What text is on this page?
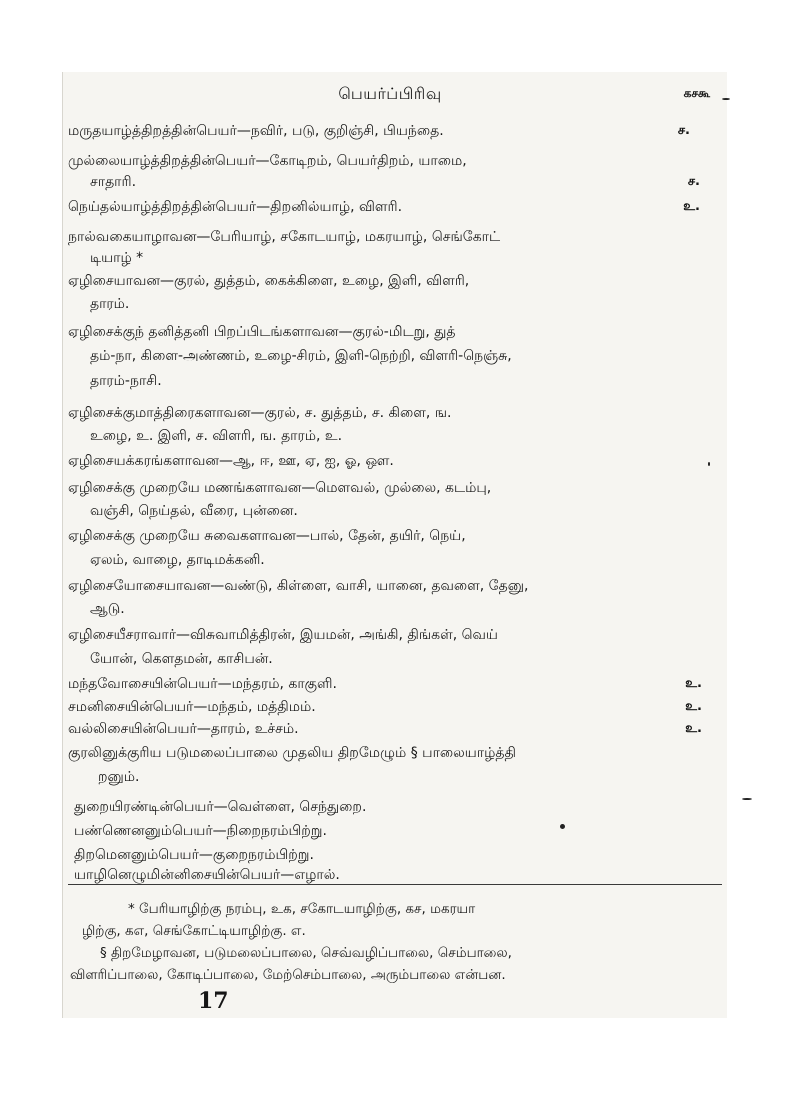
பெயர்ப்பிரிவு	கசகூ
மருதயாழ்த்திறத்தின்பெயர்—நவிர், படு, குறிஞ்சி, பியந்தை.	ச.
முல்லையாழ்த்திறத்தின்பெயர்—கோடிறம், பெயர்திறம், யாமை,
சாதாரி.	ச.
நெய்தல்யாழ்த்திறத்தின்பெயர்—திறனில்யாழ், விளரி.	உ.
நால்வகையாழாவன—பேரியாழ், சகோடயாழ், மகரயாழ், செங்கோட்
டியாழ் *
ஏழிசையாவன—குரல், துத்தம், கைக்கிளை, உழை, இளி, விளரி,
தாரம்.
ஏழிசைக்குந் தனித்தனி பிறப்பிடங்களாவன—குரல்-மிடறு, துத்
தம்-நா, கிளை-அண்ணம், உழை-சிரம், இளி-நெற்றி, விளரி-நெஞ்சு,
தாரம்-நாசி.
ஏழிசைக்குமாத்திரைகளாவன—குரல், ச. துத்தம், ச. கிளை, ங.
உழை, உ. இளி, ச. விளரி, ங. தாரம், உ.
ஏழிசையக்கரங்களாவன—ஆ, ஈ, ஊ, ஏ, ஐ, ஓ, ஔ.
ஏழிசைக்கு முறையே மணங்களாவன—மௌவல், முல்லை, கடம்பு,
வஞ்சி, நெய்தல், வீரை, புன்னை.
ஏழிசைக்கு முறையே சுவைகளாவன—பால், தேன், தயிர், நெய்,
ஏலம், வாழை, தாடிமக்கனி.
ஏழிசையோசையாவன—வண்டு, கிள்ளை, வாசி, யானை, தவளை, தேனு,
ஆடு.
ஏழிசையீசராவார்—விசுவாமித்திரன், இயமன், அங்கி, திங்கள், வெய்
யோன், கௌதமன், காசிபன்.
மந்தவோசையின்பெயர்—மந்தரம், காகுளி.	உ.
சமனிசையின்பெயர்—மந்தம், மத்திமம்.	உ.
வல்லிசையின்பெயர்—தாரம், உச்சம்.	உ.
குரலினுக்குரிய படுமலைப்பாலை முதலிய திறமேழும் § பாலையாழ்த்தி
றனும்.
துறையிரண்டின்பெயர்—வெள்ளை, செந்துறை.
பண்ணெனனும்பெயர்—நிறைநரம்பிற்று.
திறமெனனும்பெயர்—குறைநரம்பிற்று.
யாழினெழுமின்னிசையின்பெயர்—எழால்.
* பேரியாழிற்கு நரம்பு, உக, சகோடயாழிற்கு, கச, மகரயா
ழிற்கு, கஎ, செங்கோட்டியாழிற்கு. எ.
§ திறமேழாவன, படுமலைப்பாலை, செவ்வழிப்பாலை, செம்பாலை,
விளரிப்பாலை, கோடிப்பாலை, மேற்செம்பாலை, அரும்பாலை என்பன.
17
